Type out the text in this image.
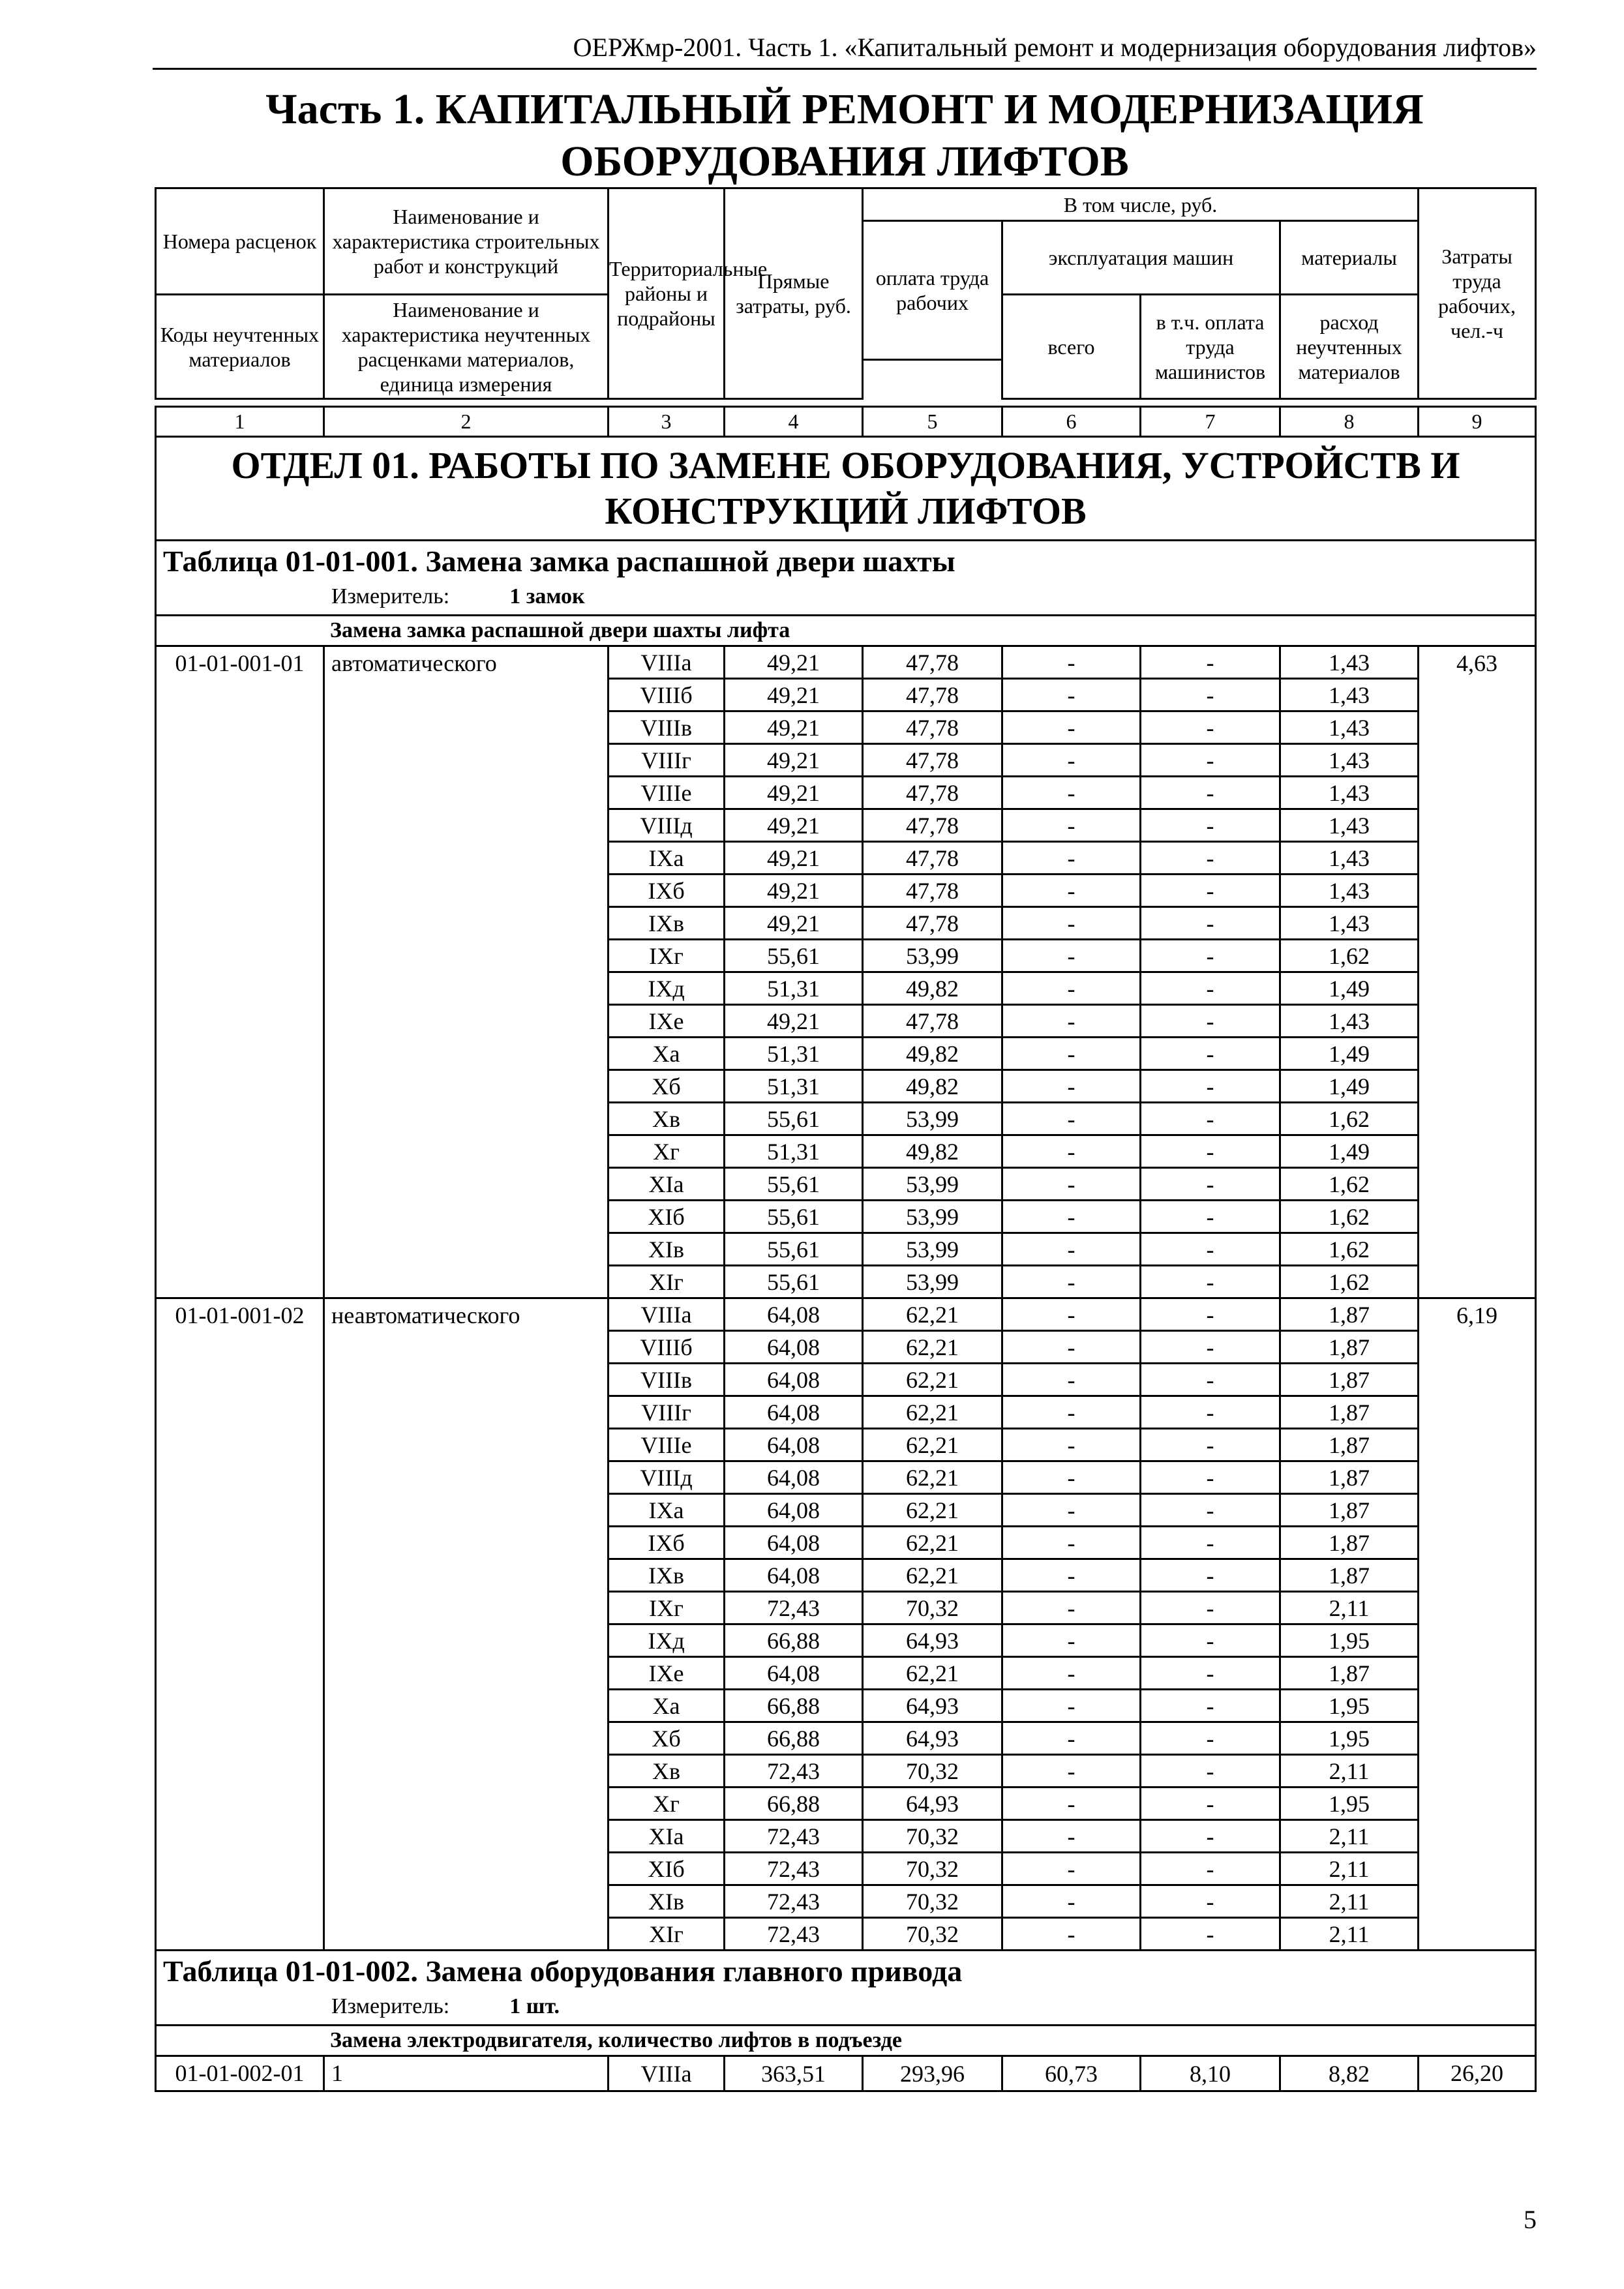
ОЕРЖмр-2001. Часть 1. «Капитальный ремонт и модернизация оборудования лифтов»
Часть 1. КАПИТАЛЬНЫЙ РЕМОНТ И МОДЕРНИЗАЦИЯ
ОБОРУДОВАНИЯ ЛИФТОВ
Номера расценок	Наименование и характеристика строительных работ и конструкций	Территориальные районы и подрайоны	Прямые затраты, руб.	В том числе, руб.				Затраты труда рабочих, чел.-ч
				оплата труда рабочих	эксплуатация машин		материалы	

Коды неучтенных материалов	Наименование и характеристика неучтенных расценками материалов, единица измерения				всего	в т.ч. оплата труда машинистов	расход неучтенных материалов	

1	2	3	4	5	6	7	8	9
ОТДЕЛ 01. РАБОТЫ ПО ЗАМЕНЕ ОБОРУДОВАНИЯ, УСТРОЙСТВ И КОНСТРУКЦИЙ ЛИФТОВ								

Таблица 01-01-001. Замена замка распашной двери шахты
Измеритель: 1 замок								

Замена замка распашной двери шахты лифта								
01-01-001-01	автоматического	VIIIа	49,21	47,78	-	-	1,43	4,63
		VIIIб	49,21	47,78	-	-	1,43	
		VIIIв	49,21	47,78	-	-	1,43	
		VIIIг	49,21	47,78	-	-	1,43	
		VIIIе	49,21	47,78	-	-	1,43	
		VIIIд	49,21	47,78	-	-	1,43	
		IXа	49,21	47,78	-	-	1,43	
		IXб	49,21	47,78	-	-	1,43	
		IXв	49,21	47,78	-	-	1,43	
		IXг	55,61	53,99	-	-	1,62	
		IXд	51,31	49,82	-	-	1,49	
		IXе	49,21	47,78	-	-	1,43	
		Xа	51,31	49,82	-	-	1,49	
		Xб	51,31	49,82	-	-	1,49	
		Xв	55,61	53,99	-	-	1,62	
		Xг	51,31	49,82	-	-	1,49	
		XIа	55,61	53,99	-	-	1,62	
		XIб	55,61	53,99	-	-	1,62	
		XIв	55,61	53,99	-	-	1,62	
		XIг	55,61	53,99	-	-	1,62	
01-01-001-02	неавтоматического	VIIIа	64,08	62,21	-	-	1,87	6,19
		VIIIб	64,08	62,21	-	-	1,87	
		VIIIв	64,08	62,21	-	-	1,87	
		VIIIг	64,08	62,21	-	-	1,87	
		VIIIе	64,08	62,21	-	-	1,87	
		VIIIд	64,08	62,21	-	-	1,87	
		IXа	64,08	62,21	-	-	1,87	
		IXб	64,08	62,21	-	-	1,87	
		IXв	64,08	62,21	-	-	1,87	
		IXг	72,43	70,32	-	-	2,11	
		IXд	66,88	64,93	-	-	1,95	
		IXе	64,08	62,21	-	-	1,87	
		Xа	66,88	64,93	-	-	1,95	
		Xб	66,88	64,93	-	-	1,95	
		Xв	72,43	70,32	-	-	2,11	
		Xг	66,88	64,93	-	-	1,95	
		XIа	72,43	70,32	-	-	2,11	
		XIб	72,43	70,32	-	-	2,11	
		XIв	72,43	70,32	-	-	2,11	
		XIг	72,43	70,32	-	-	2,11	

Таблица 01-01-002. Замена оборудования главного привода
Измеритель: 1 шт.								

Замена электродвигателя, количество лифтов в подъезде								
01-01-002-01	1	VIIIа	363,51	293,96	60,73	8,10	8,82	26,20
5
